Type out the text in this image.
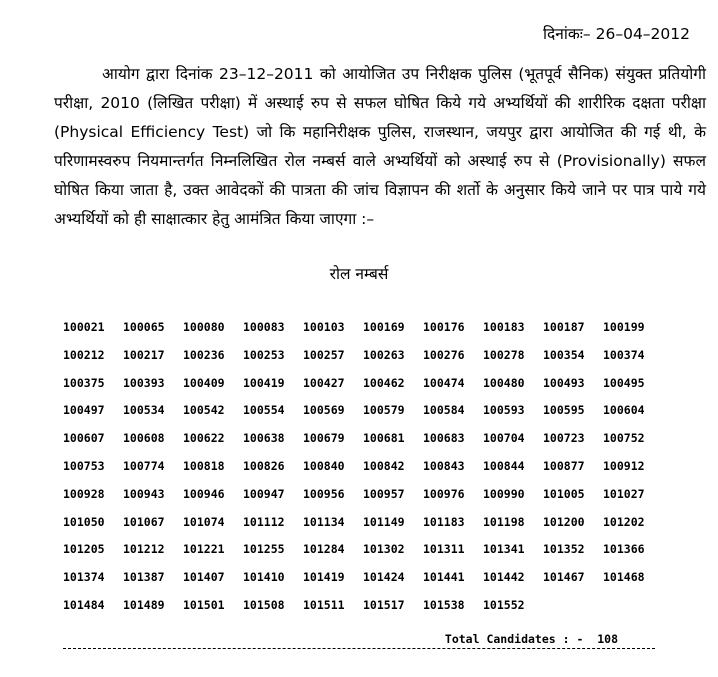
दिनांकः– 26–04–2012

आयोग द्वारा दिनांक 23–12–2011 को आयोजित उप निरीक्षक पुलिस (भूतपूर्व सैनिक) संयुक्त प्रतियोगी परीक्षा, 2010 (लिखित परीक्षा) में अस्थाई रुप से सफल घोषित किये गये अभ्यर्थियों की शारीरिक दक्षता परीक्षा (Physical Efficiency Test) जो कि महानिरीक्षक पुलिस, राजस्थान, जयपुर द्वारा आयोजित की गई थी, के परिणामस्वरुप नियमान्तर्गत निम्नलिखित रोल नम्बर्स वाले अभ्यर्थियों को अस्थाई रुप से (Provisionally) सफल घोषित किया जाता है, उक्त आवेदकों की पात्रता की जांच विज्ञापन की शर्तो के अनुसार किये जाने पर पात्र पाये गये अभ्यर्थियों को ही साक्षात्कार हेतु आमंत्रित किया जाएगा :–

रोल नम्बर्स
100021	100065	100080	100083	100103	100169	100176	100183	100187	100199
100212	100217	100236	100253	100257	100263	100276	100278	100354	100374
100375	100393	100409	100419	100427	100462	100474	100480	100493	100495
100497	100534	100542	100554	100569	100579	100584	100593	100595	100604
100607	100608	100622	100638	100679	100681	100683	100704	100723	100752
100753	100774	100818	100826	100840	100842	100843	100844	100877	100912
100928	100943	100946	100947	100956	100957	100976	100990	101005	101027
101050	101067	101074	101112	101134	101149	101183	101198	101200	101202
101205	101212	101221	101255	101284	101302	101311	101341	101352	101366
101374	101387	101407	101410	101419	101424	101441	101442	101467	101468
101484	101489	101501	101508	101511	101517	101538	101552
Total Candidates : -  108
